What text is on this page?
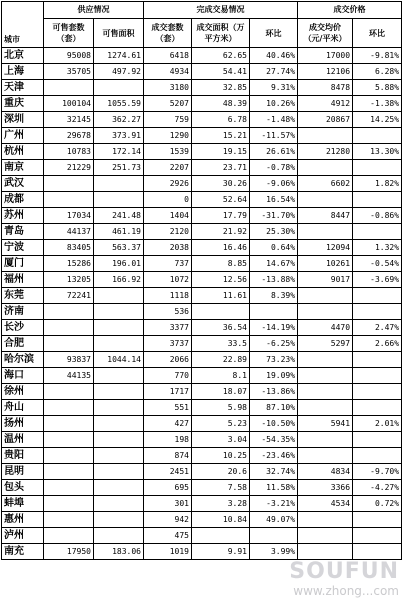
城市	供应情况		完成交易情况			成交价格	
	可售套数（套）	可售面积	成交套数（套）	成交面积（万平方米）	环比	成交均价（元/平米）	环比
北京	95008	1274.61	6418	62.65	40.46%	17000	-9.81%
上海	35705	497.92	4934	54.41	27.74%	12106	6.28%
天津			3180	32.85	9.31%	8478	5.88%
重庆	100104	1055.59	5207	48.39	10.26%	4912	-1.38%
深圳	32145	362.27	759	6.78	-1.48%	20867	14.25%
广州	29678	373.91	1290	15.21	-11.57%		
杭州	10783	172.14	1539	19.15	26.61%	21280	13.30%
南京	21229	251.73	2207	23.71	-0.78%		
武汉			2926	30.26	-9.06%	6602	1.82%
成都			0	52.64	16.54%		
苏州	17034	241.48	1404	17.79	-31.70%	8447	-0.86%
青岛	44137	461.19	2120	21.92	25.30%		
宁波	83405	563.37	2038	16.46	0.64%	12094	1.32%
厦门	15286	196.01	737	8.85	14.67%	10261	-0.54%
福州	13205	166.92	1072	12.56	-13.88%	9017	-3.69%
东莞	72241		1118	11.61	8.39%		
济南			536				
长沙			3377	36.54	-14.19%	4470	2.47%
合肥			3737	33.5	-6.25%	5297	2.66%
哈尔滨	93837	1044.14	2066	22.89	73.23%		
海口	44135		770	8.1	19.09%		
徐州			1717	18.07	-13.86%		
舟山			551	5.98	87.10%		
扬州			427	5.23	-10.50%	5941	2.01%
温州			198	3.04	-54.35%		
贵阳			874	10.25	-23.46%		
昆明			2451	20.6	32.74%	4834	-9.70%
包头			695	7.58	11.58%	3366	-4.27%
蚌埠			301	3.28	-3.21%	4534	0.72%
惠州			942	10.84	49.07%		
泸州			475				
南充	17950	183.06	1019	9.91	3.99%		
SOUFUN
www.zhong...com
